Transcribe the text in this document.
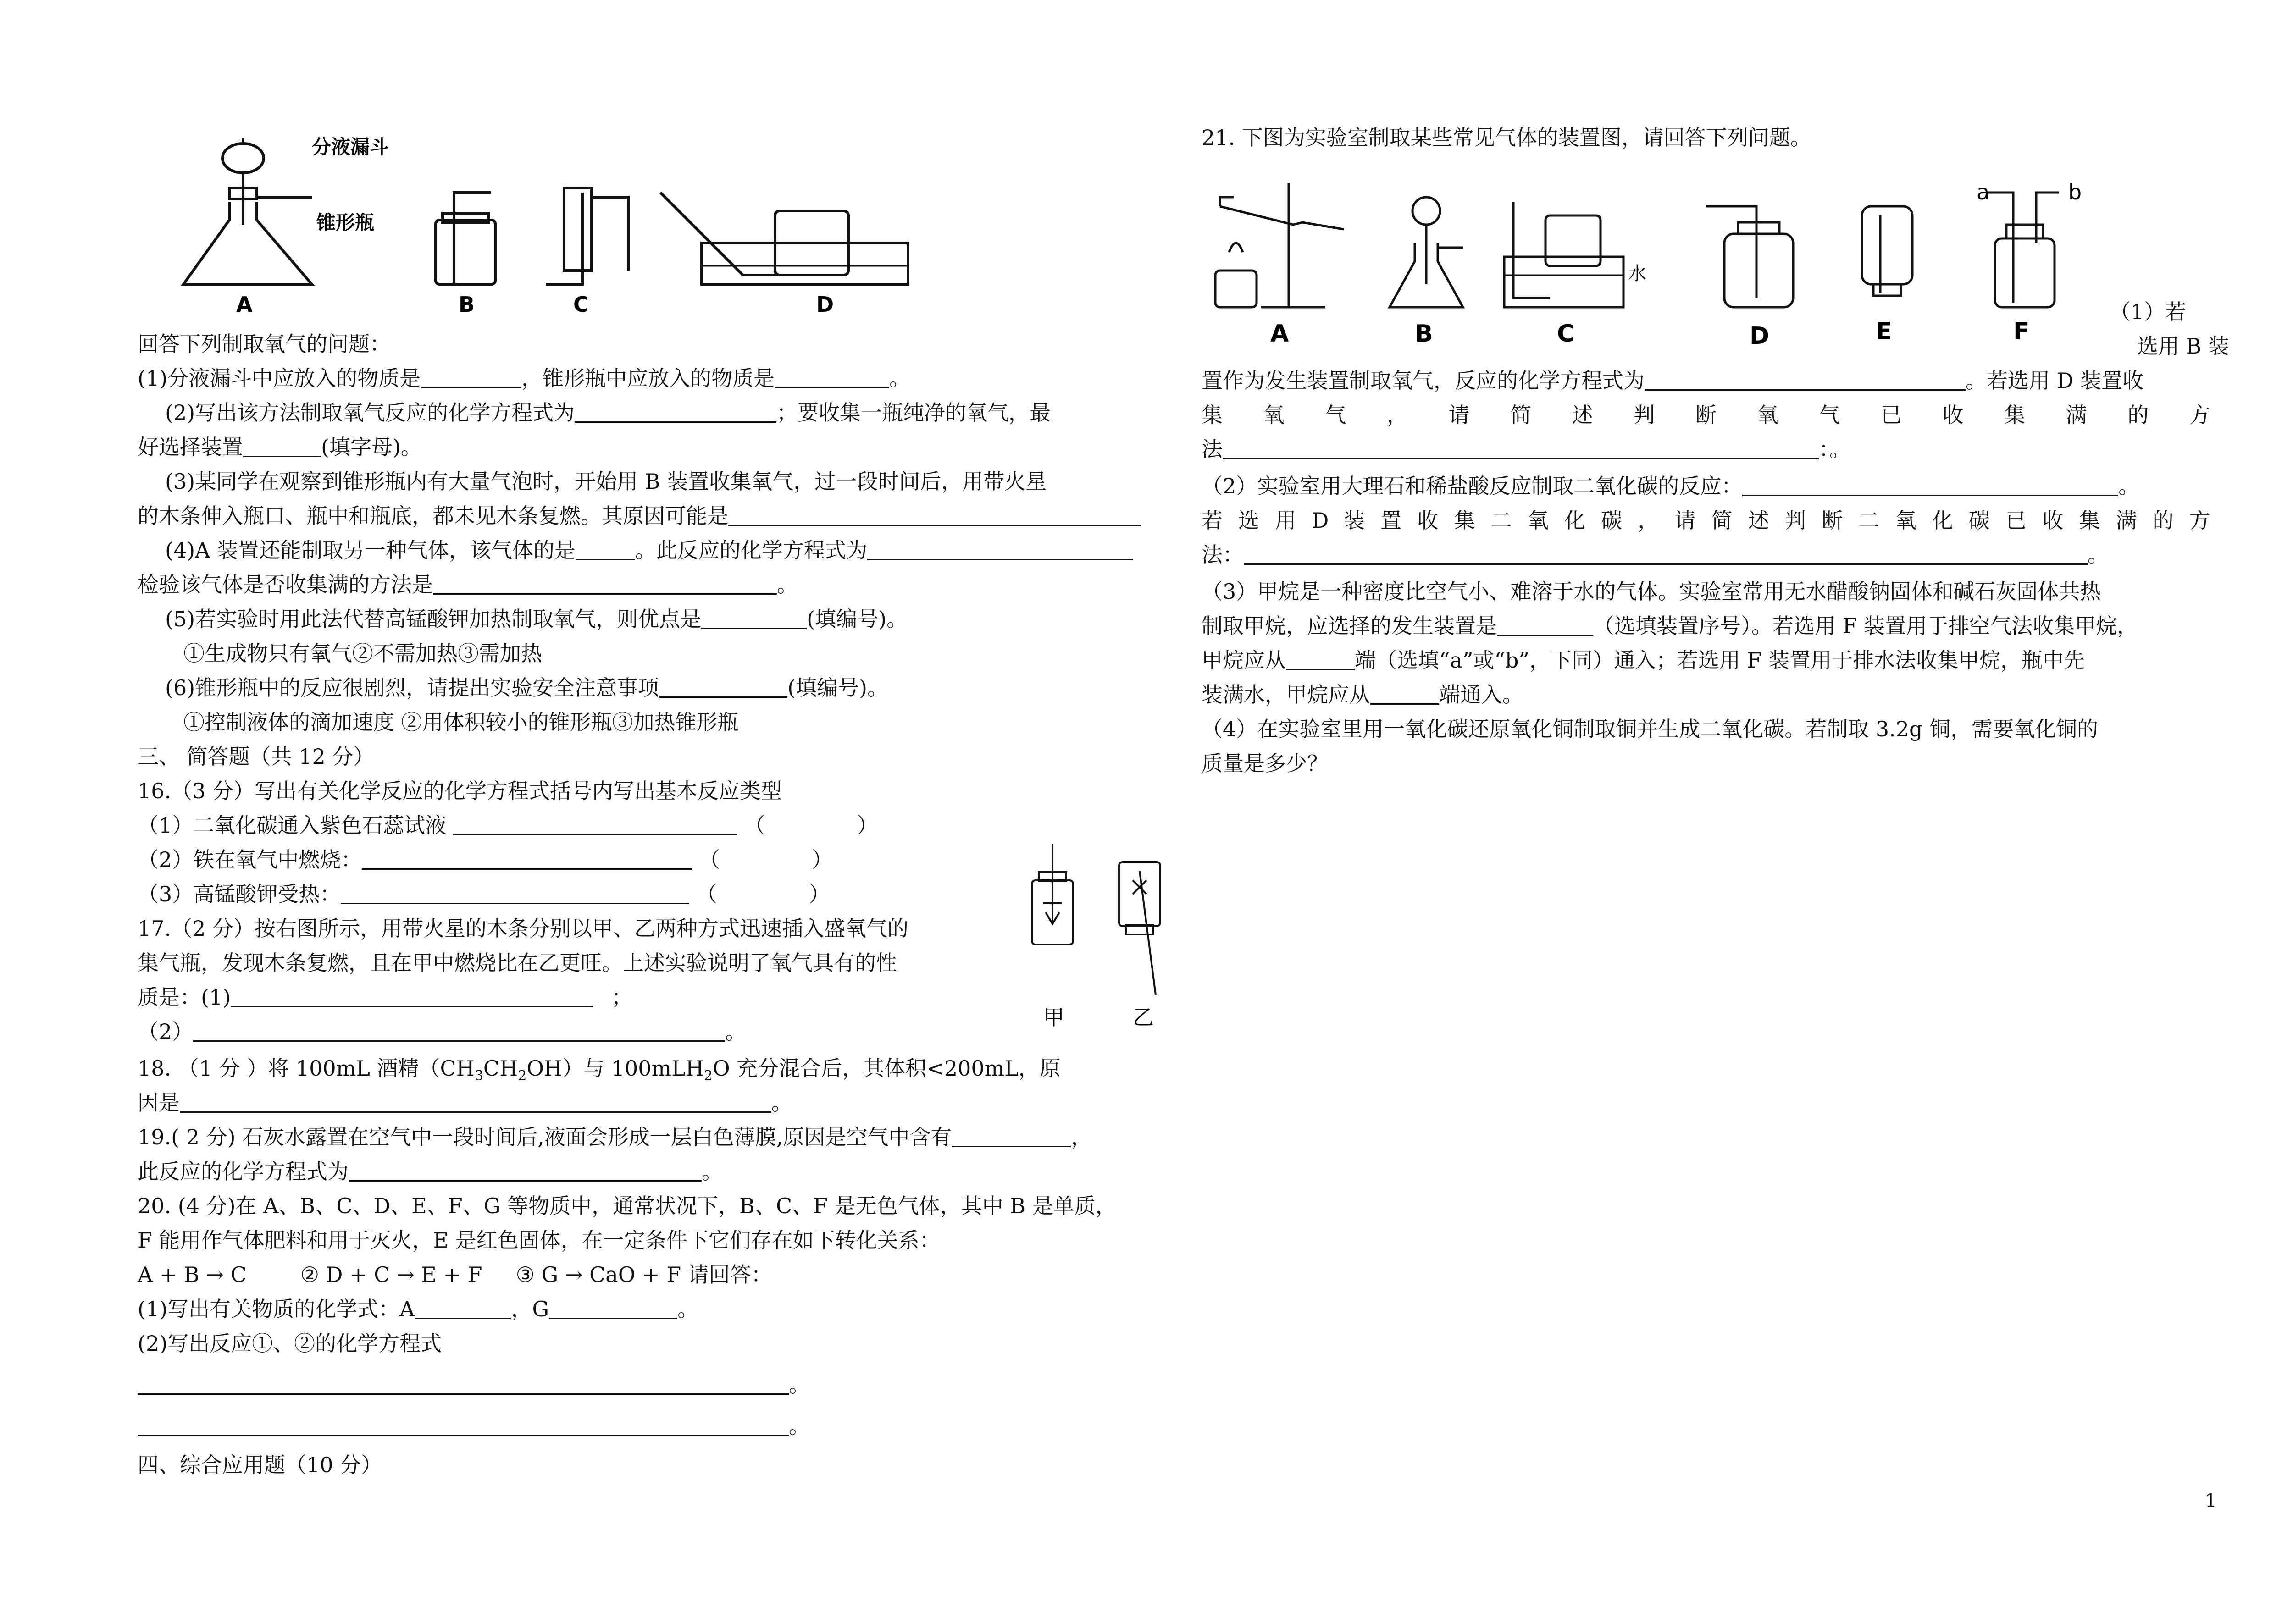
分液漏斗
锥形瓶
A	B	C	D
回答下列制取氧气的问题：
(1)分液漏斗中应放入的物质是	，锥形瓶中应放入的物质是	。
(2)写出该方法制取氧气反应的化学方程式为	；要收集一瓶纯净的氧气，最
好选择装置	(填字母)。
(3)某同学在观察到锥形瓶内有大量气泡时，开始用 B 装置收集氧气，过一段时间后，用带火星
的木条伸入瓶口、瓶中和瓶底，都未见木条复燃。其原因可能是
(4)A 装置还能制取另一种气体，该气体的是	。此反应的化学方程式为
检验该气体是否收集满的方法是	。
(5)若实验时用此法代替高锰酸钾加热制取氧气，则优点是	(填编号)。
①生成物只有氧气②不需加热③需加热
(6)锥形瓶中的反应很剧烈，请提出实验安全注意事项	(填编号)。
①控制液体的滴加速度 ②用体积较小的锥形瓶③加热锥形瓶
三、 简答题（共 12 分）
16.（3 分）写出有关化学反应的化学方程式括号内写出基本反应类型
（1）二氧化碳通入紫色石蕊试液	（	）
（2）铁在氧气中燃烧：	（	）
（3）高锰酸钾受热：	（	）
甲	乙
17.（2 分）按右图所示，用带火星的木条分别以甲、乙两种方式迅速插入盛氧气的
集气瓶，发现木条复燃，且在甲中燃烧比在乙更旺。上述实验说明了氧气具有的性
质是：(1)	；
（2）	。
18. （1 分 ）将 100mL 酒精$(CH_3CH_2OH)$与 100mLH$_2$O 充分混合后，其体积<200mL，原
因是	。
19.( 2 分) 石灰水露置在空气中一段时间后,液面会形成一层白色薄膜,原因是空气中含有	，
此反应的化学方程式为	。
20. (4 分)在 A、B、C、D、E、F、G 等物质中，通常状况下，B、C、F 是无色气体，其中 B 是单质，
F 能用作气体肥料和用于灭火，E 是红色固体，在一定条件下它们存在如下转化关系：
A + B → C        ② D + C → E + F     ③ G → CaO + F 请回答：
(1)写出有关物质的化学式：A	，G	。
(2)写出反应①、②的化学方程式
。
。
四、综合应用题（10 分）
21. 下图为实验室制取某些常见气体的装置图，请回答下列问题。
A	B	C
水
D	E	F
a	b
（1）若
选用 B 装
置作为发生装置制取氧气，反应的化学方程式为	。若选用 D 装置收
集  氧  气  ，  请  简  述  判  断  氧  气  已  收  集  满  的  方
法	：。
（2）实验室用大理石和稀盐酸反应制取二氧化碳的反应：	。
若  选  用  D  装  置  收  集  二  氧  化  碳  ，  请  简  述  判  断  二  氧  化  碳  已  收  集  满  的  方
法：	。
（3）甲烷是一种密度比空气小、难溶于水的气体。实验室常用无水醋酸钠固体和碱石灰固体共热
制取甲烷，应选择的发生装置是	（选填装置序号）。若选用 F 装置用于排空气法收集甲烷，
甲烷应从	端（选填“a”或“b”，下同）通入；若选用 F 装置用于排水法收集甲烷，瓶中先
装满水，甲烷应从	端通入。
（4）在实验室里用一氧化碳还原氧化铜制取铜并生成二氧化碳。若制取 3.2g 铜，需要氧化铜的
质量是多少？
1
